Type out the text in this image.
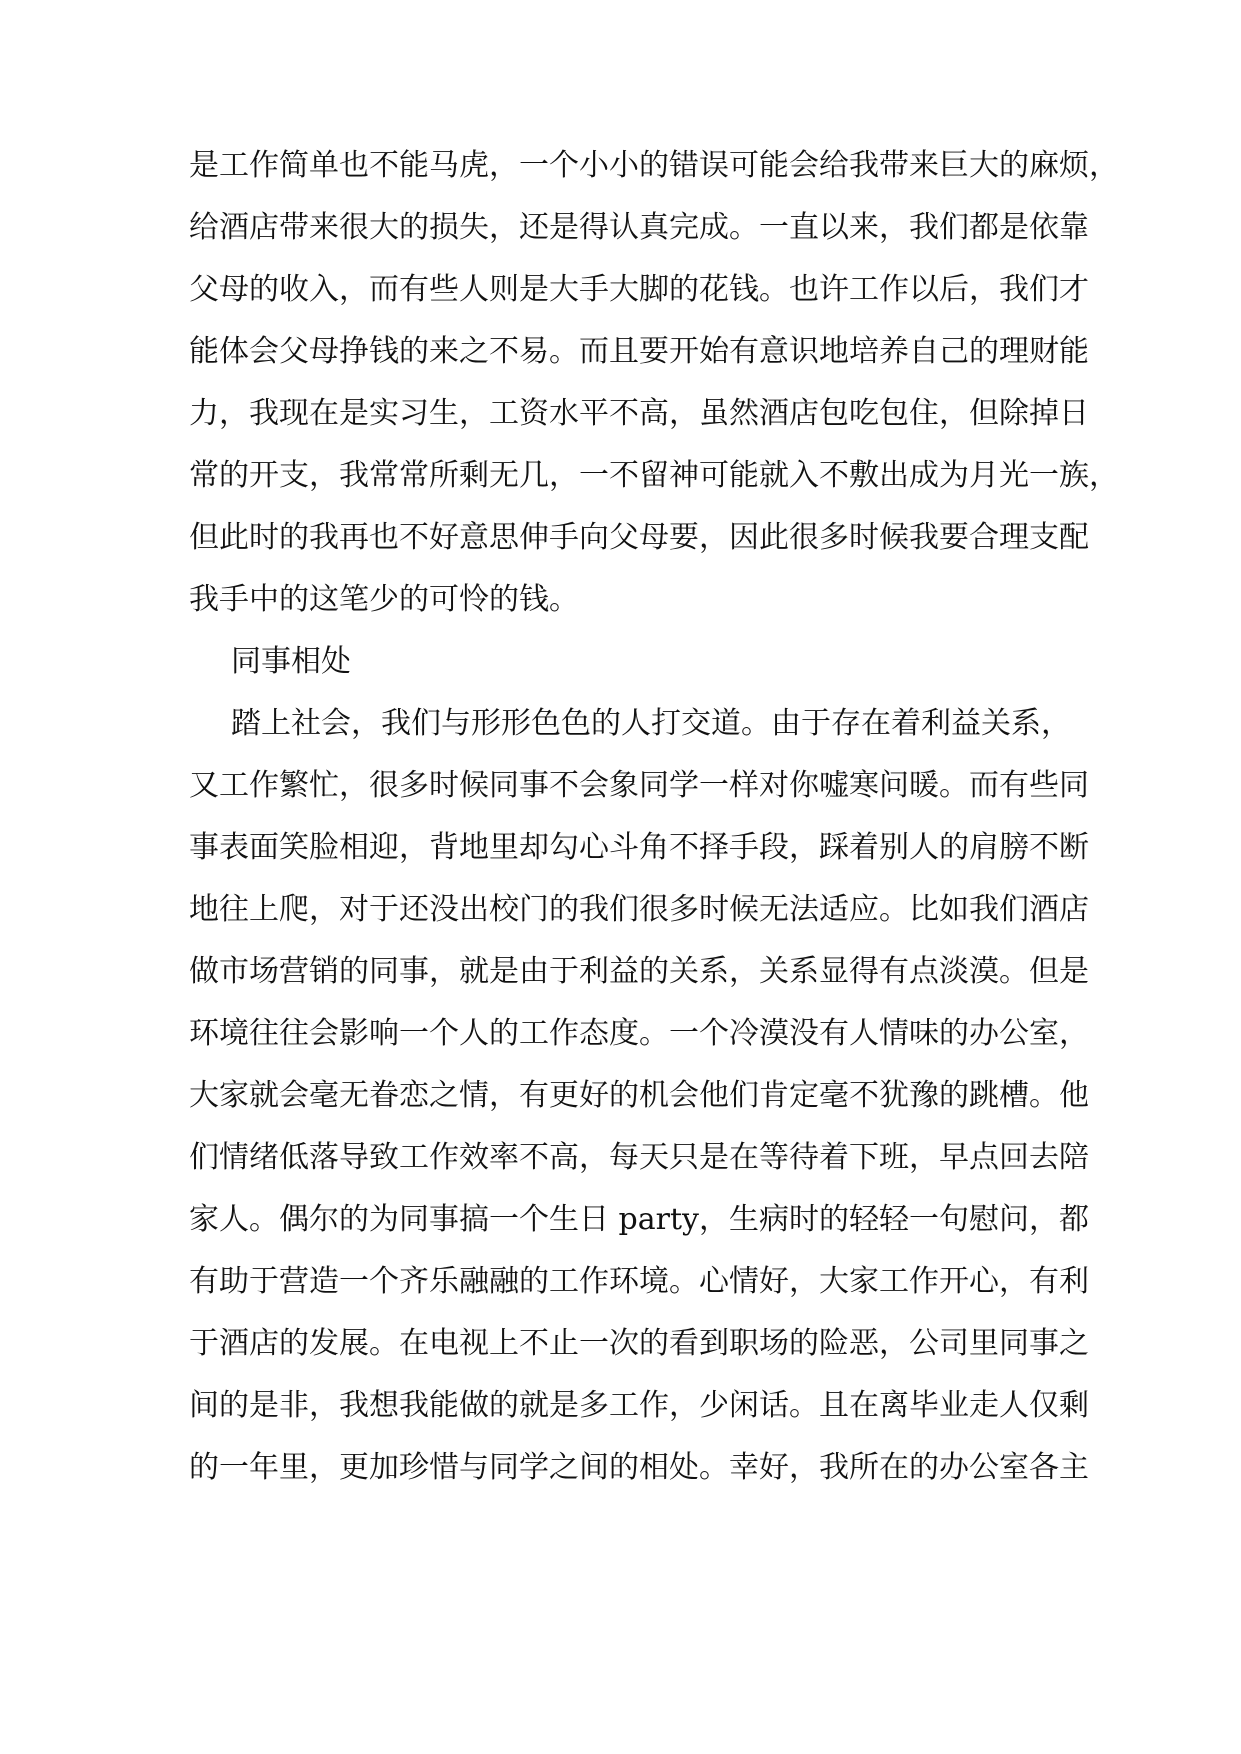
是工作简单也不能马虎，一个小小的错误可能会给我带来巨大的麻烦，
给酒店带来很大的损失，还是得认真完成。一直以来，我们都是依靠
父母的收入，而有些人则是大手大脚的花钱。也许工作以后，我们才
能体会父母挣钱的来之不易。而且要开始有意识地培养自己的理财能
力，我现在是实习生，工资水平不高，虽然酒店包吃包住，但除掉日
常的开支，我常常所剩无几，一不留神可能就入不敷出成为月光一族，
但此时的我再也不好意思伸手向父母要，因此很多时候我要合理支配
我手中的这笔少的可怜的钱。
同事相处
踏上社会，我们与形形色色的人打交道。由于存在着利益关系，
又工作繁忙，很多时候同事不会象同学一样对你嘘寒问暖。而有些同
事表面笑脸相迎，背地里却勾心斗角不择手段，踩着别人的肩膀不断
地往上爬，对于还没出校门的我们很多时候无法适应。比如我们酒店
做市场营销的同事，就是由于利益的关系，关系显得有点淡漠。但是
环境往往会影响一个人的工作态度。一个冷漠没有人情味的办公室，
大家就会毫无眷恋之情，有更好的机会他们肯定毫不犹豫的跳槽。他
们情绪低落导致工作效率不高，每天只是在等待着下班，早点回去陪
家人。偶尔的为同事搞一个生日 party，生病时的轻轻一句慰问，都
有助于营造一个齐乐融融的工作环境。心情好，大家工作开心，有利
于酒店的发展。在电视上不止一次的看到职场的险恶，公司里同事之
间的是非，我想我能做的就是多工作，少闲话。且在离毕业走人仅剩
的一年里，更加珍惜与同学之间的相处。幸好，我所在的办公室各主
